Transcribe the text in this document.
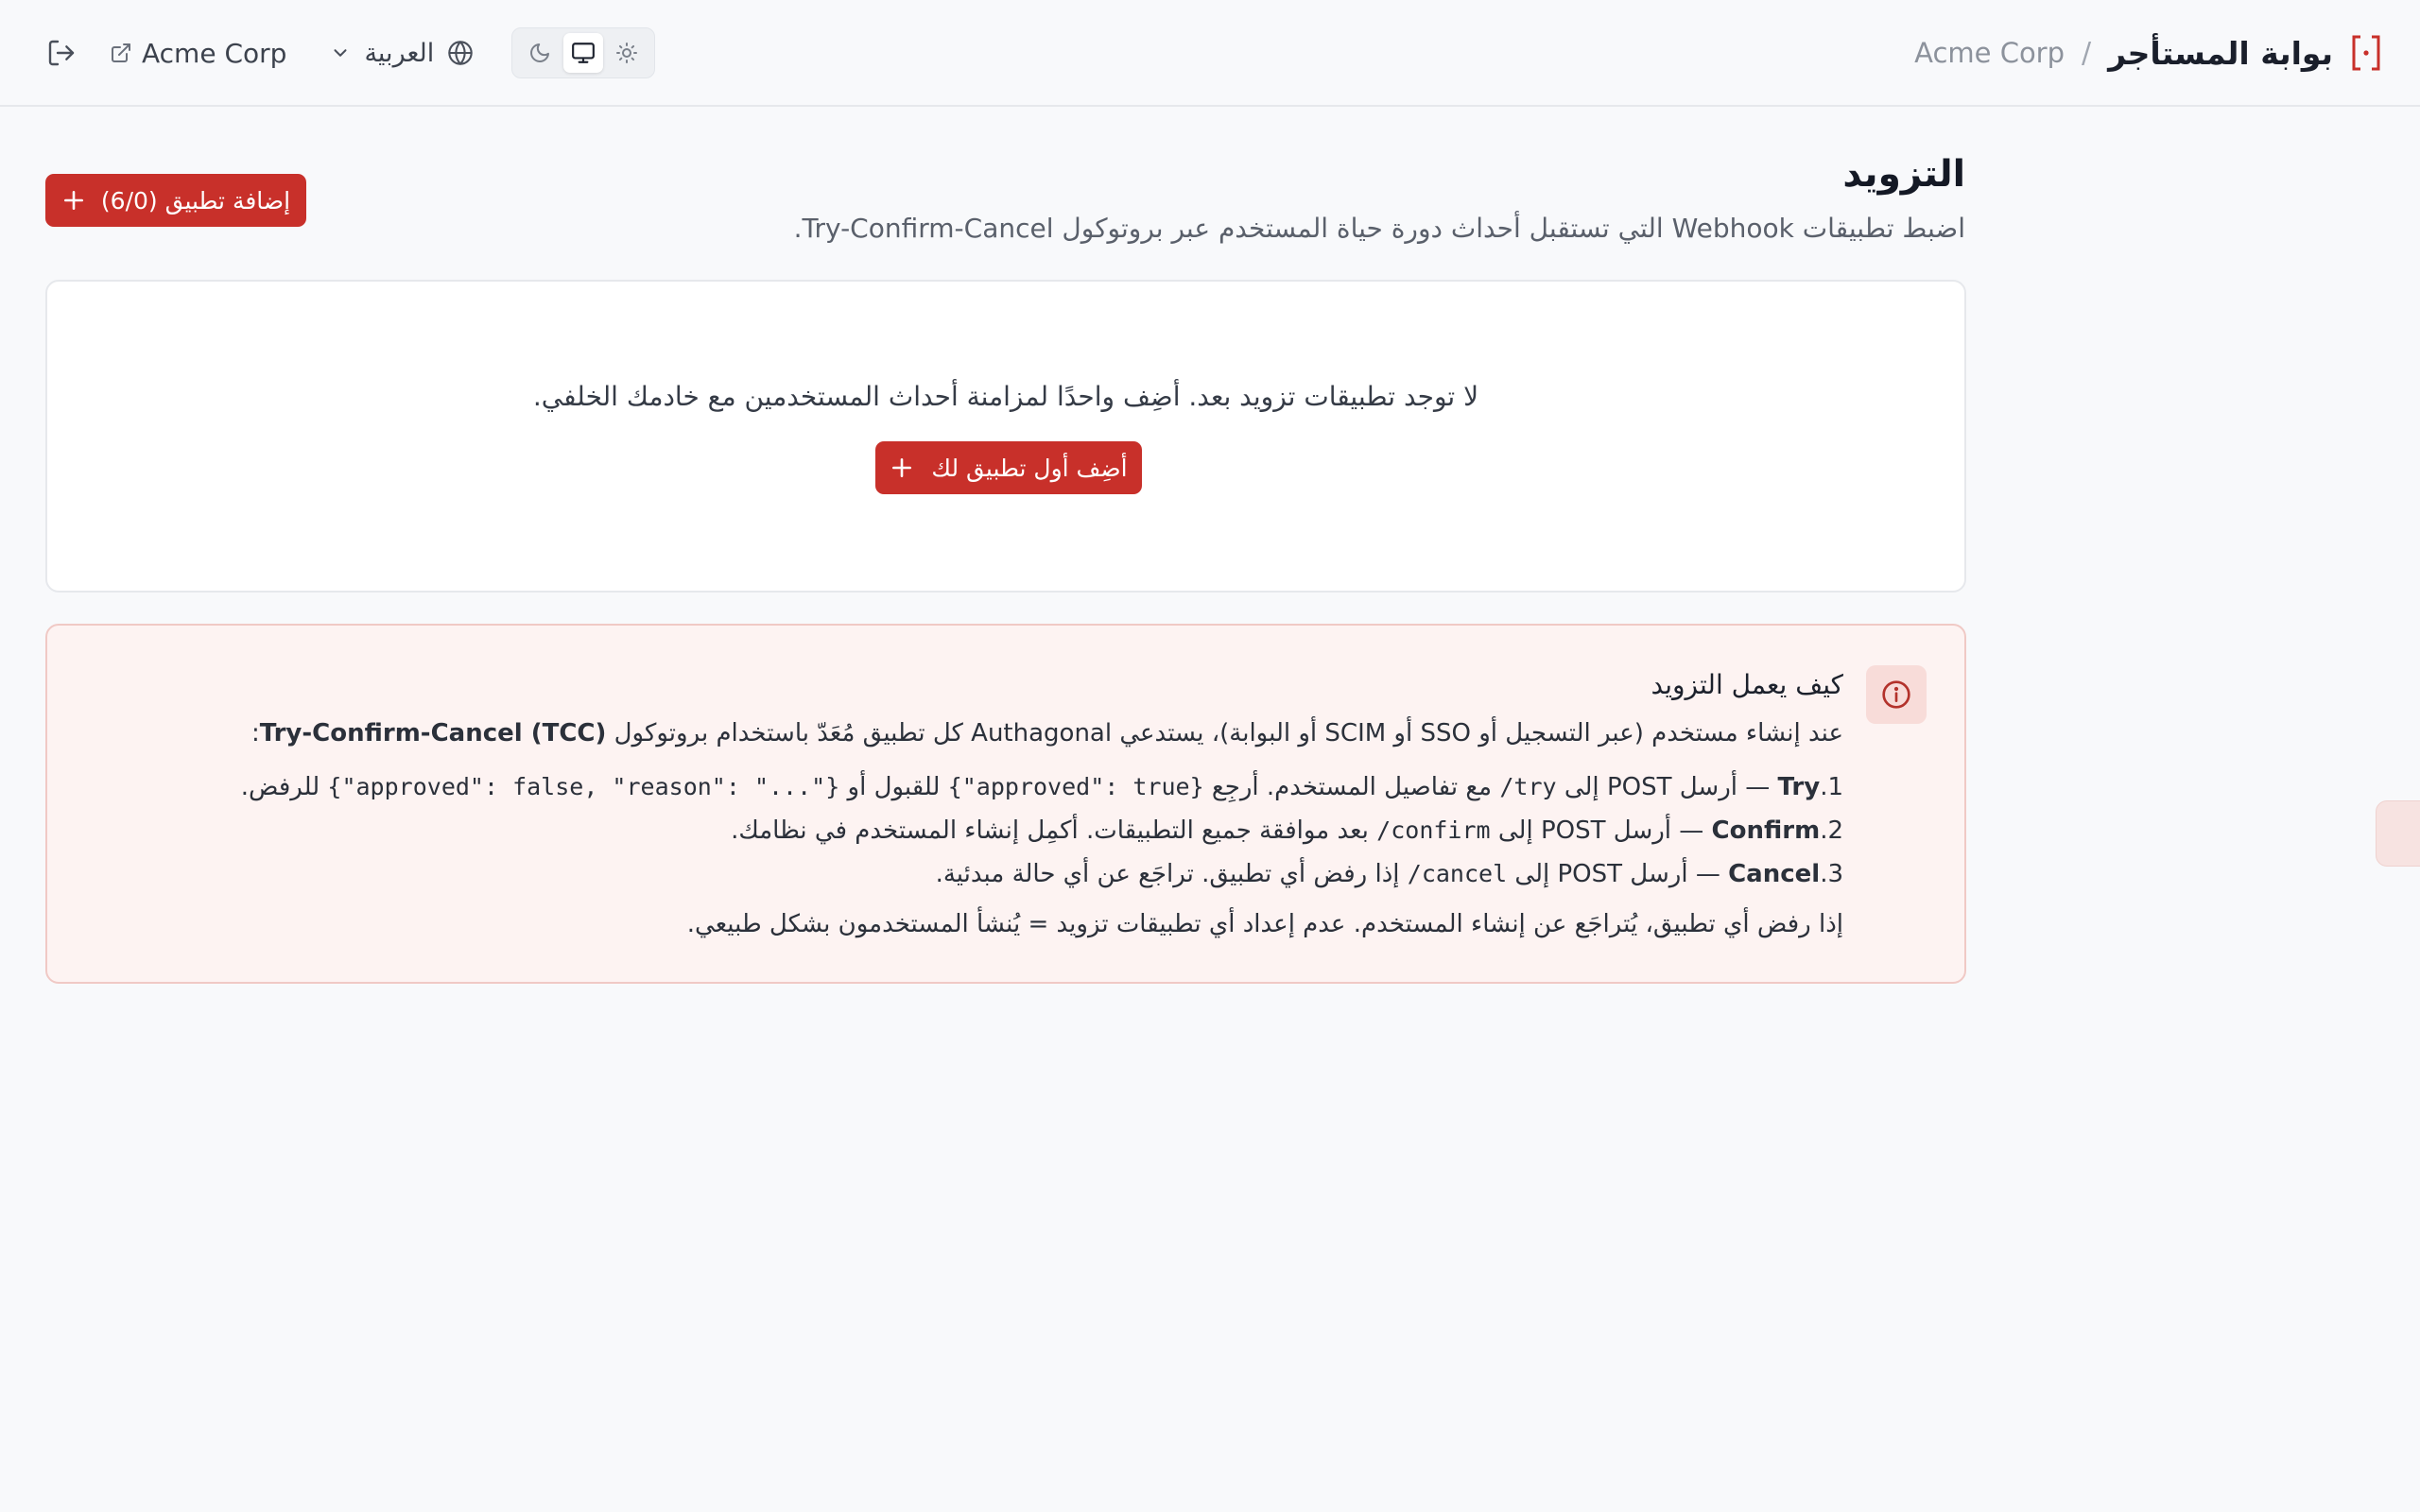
بوابة المستأجر
/
Acme Corp
Acme Corp	العربية
التزويد

اضبط تطبيقات Webhook التي تستقبل أحداث دورة حياة المستخدم عبر بروتوكول Try-Confirm-Cancel.

إضافة تطبيق (6/0)

لا توجد تطبيقات تزويد بعد. أضِف واحدًا لمزامنة أحداث المستخدمين مع خادمك الخلفي.

أضِف أول تطبيق لك
كيف يعمل التزويد

عند إنشاء مستخدم (عبر التسجيل أو SSO أو SCIM أو البوابة)، يستدعي Authagonal كل تطبيق مُعَدّ باستخدام بروتوكول Try-Confirm-Cancel (TCC):

1.Try — أرسل POST إلى /try مع تفاصيل المستخدم. أرجِع {"approved": true} للقبول أو {"approved": false, "reason": "..."} للرفض.
2.Confirm — أرسل POST إلى /confirm بعد موافقة جميع التطبيقات. أكمِل إنشاء المستخدم في نظامك.
3.Cancel — أرسل POST إلى /cancel إذا رفض أي تطبيق. تراجَع عن أي حالة مبدئية.

إذا رفض أي تطبيق، يُتراجَع عن إنشاء المستخدم. عدم إعداد أي تطبيقات تزويد = يُنشأ المستخدمون بشكل طبيعي.
